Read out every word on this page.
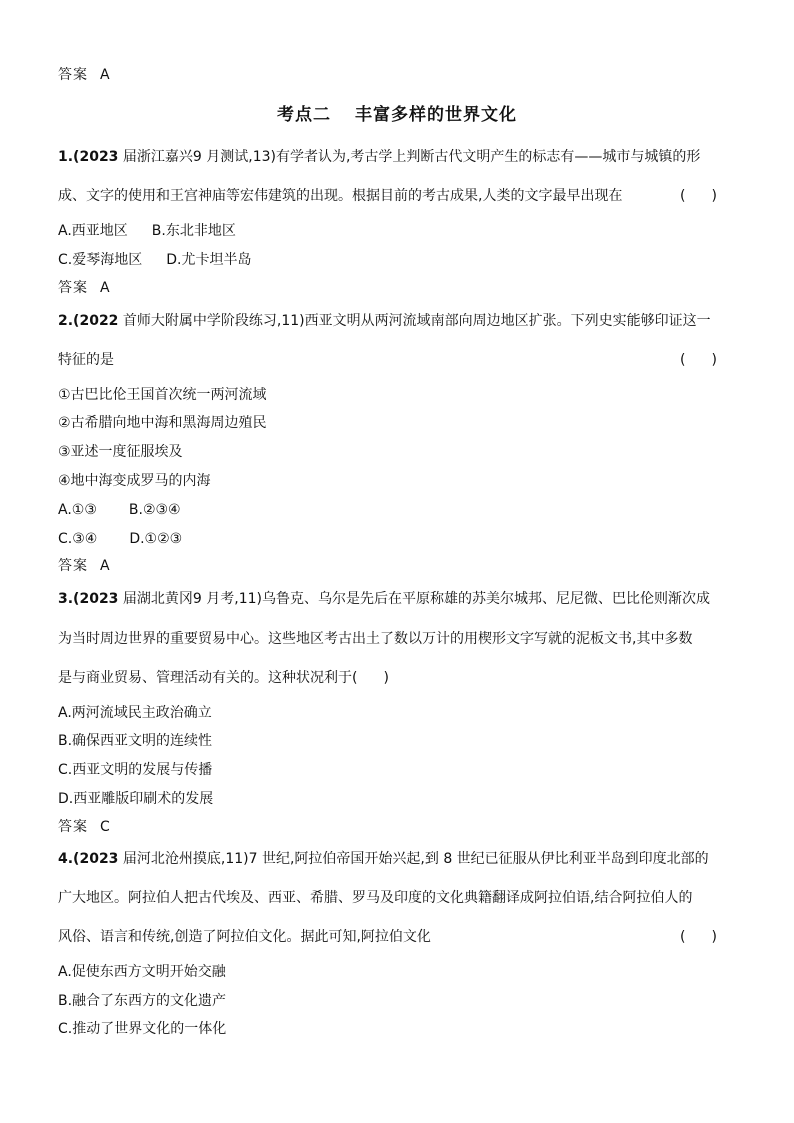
答案 A
考点二 丰富多样的世界文化
1.(2023 届浙江嘉兴9 月测试,13)有学者认为,考古学上判断古代文明产生的标志有——城市与城镇的形
成、文字的使用和王宫神庙等宏伟建筑的出现。根据目前的考古成果,人类的文字最早出现在	( )
A.西亚地区 B.东北非地区
C.爱琴海地区 D.尤卡坦半岛
答案 A
2.(2022 首师大附属中学阶段练习,11)西亚文明从两河流域南部向周边地区扩张。下列史实能够印证这一
特征的是	( )
①古巴比伦王国首次统一两河流域
②古希腊向地中海和黑海周边殖民
③亚述一度征服埃及
④地中海变成罗马的内海
A.①③ B.②③④
C.③④ D.①②③
答案 A
3.(2023 届湖北黄冈9 月考,11)乌鲁克、乌尔是先后在平原称雄的苏美尔城邦、尼尼微、巴比伦则渐次成
为当时周边世界的重要贸易中心。这些地区考古出土了数以万计的用楔形文字写就的泥板文书,其中多数
是与商业贸易、管理活动有关的。这种状况利于( )
A.两河流域民主政治确立
B.确保西亚文明的连续性
C.西亚文明的发展与传播
D.西亚雕版印刷术的发展
答案 C
4.(2023 届河北沧州摸底,11)7 世纪,阿拉伯帝国开始兴起,到 8 世纪已征服从伊比利亚半岛到印度北部的
广大地区。阿拉伯人把古代埃及、西亚、希腊、罗马及印度的文化典籍翻译成阿拉伯语,结合阿拉伯人的
风俗、语言和传统,创造了阿拉伯文化。据此可知,阿拉伯文化	( )
A.促使东西方文明开始交融
B.融合了东西方的文化遗产
C.推动了世界文化的一体化
